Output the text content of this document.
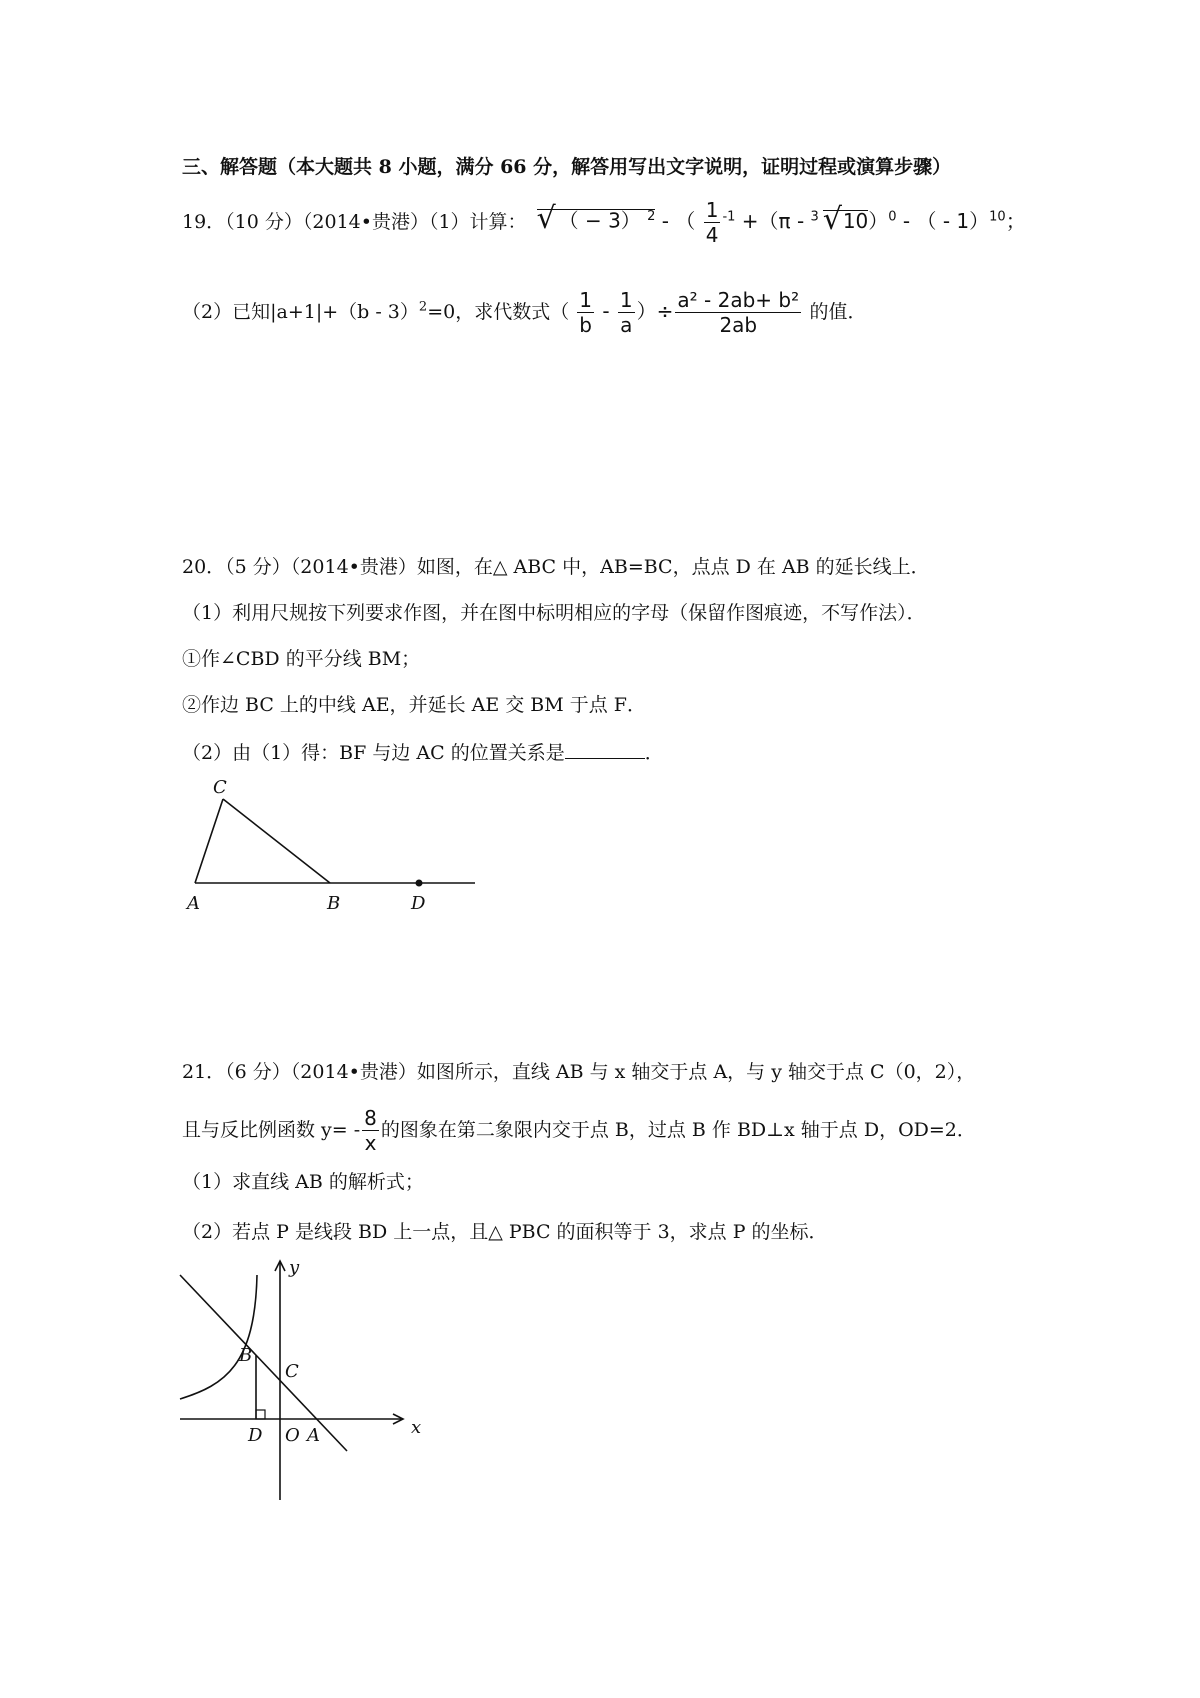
三、解答题（本大题共 8 小题，满分 66 分，解答用写出文字说明，证明过程或演算步骤）
19．（10 分）（2014•贵港）（1）计算： √ （ − 3） $^2$ - （ $\frac{1}{4} ^{-1} +(\pi - ^3√$ 10）$^0$ - （ - 1）$^{10}$；
（2）已知|a+1|+（b - 3）$^2$=0，求代数式（ $\frac{1}{b} - \frac{1}{a}$ ）÷ $\frac{\text{a² - 2ab+ b²}}{2ab}$ 的值．
20．（5 分）（2014•贵港）如图，在△ ABC 中，AB=BC，点点 D 在 AB 的延长线上．
（1）利用尺规按下列要求作图，并在图中标明相应的字母（保留作图痕迹，不写作法）．
①作∠CBD 的平分线 BM；
②作边 BC 上的中线 AE，并延长 AE 交 BM 于点 F．
（2）由（1）得：BF 与边 AC 的位置关系是	．
C
A	B	D
21．（6 分）（2014•贵港）如图所示，直线 AB 与 x 轴交于点 A，与 y 轴交于点 C（0，2），
且与反比例函数 $y= - \frac{8}{x}$ 的图象在第二象限内交于点 B，过点 B 作 BD⊥x 轴于点 D，OD=2．
（1）求直线 AB 的解析式；
（2）若点 P 是线段 BD 上一点，且△ PBC 的面积等于 3，求点 P 的坐标．
y
x
B
C
D O A
